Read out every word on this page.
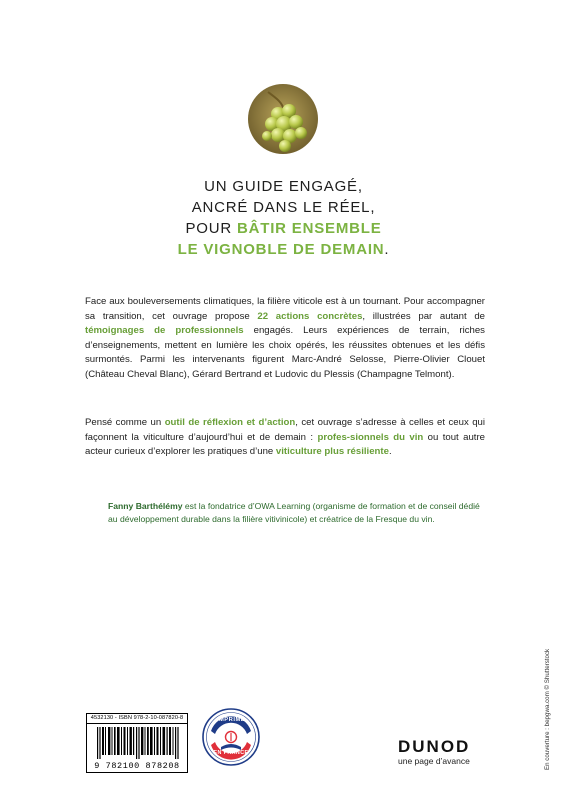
UN GUIDE ENGAGÉ,
ANCRÉ DANS LE RÉEL,
POUR BÂTIR ENSEMBLE
LE VIGNOBLE DE DEMAIN.
Face aux bouleversements climatiques, la filière viticole est à un tournant. Pour accompagner sa transition, cet ouvrage propose 22 actions concrètes, illustrées par autant de témoignages de professionnels engagés. Leurs expériences de terrain, riches d’enseignements, mettent en lumière les choix opérés, les réussites obtenues et les défis surmontés. Parmi les intervenants figurent Marc-André Selosse, Pierre-Olivier Clouet (Château Cheval Blanc), Gérard Bertrand et Ludovic du Plessis (Champagne Telmont).
Pensé comme un outil de réflexion et d’action, cet ouvrage s’adresse à celles et ceux qui façonnent la viticulture d’aujourd’hui et de demain : profes-sionnels du vin ou tout autre acteur curieux d’explorer les pratiques d’une viticulture plus résiliente.
Fanny Barthélémy est la fondatrice d’OWA Learning (organisme de formation et de conseil dédié au développement durable dans la filière vitivinicole) et créatrice de la Fresque du vin.
En couverture : bepgwa.com © Shutterstock
4532130 - ISBN 978-2-10-087820-8
9 782100 878208
IMPRIMÉ
EN FRANCE	DUNOD
une page d’avance
